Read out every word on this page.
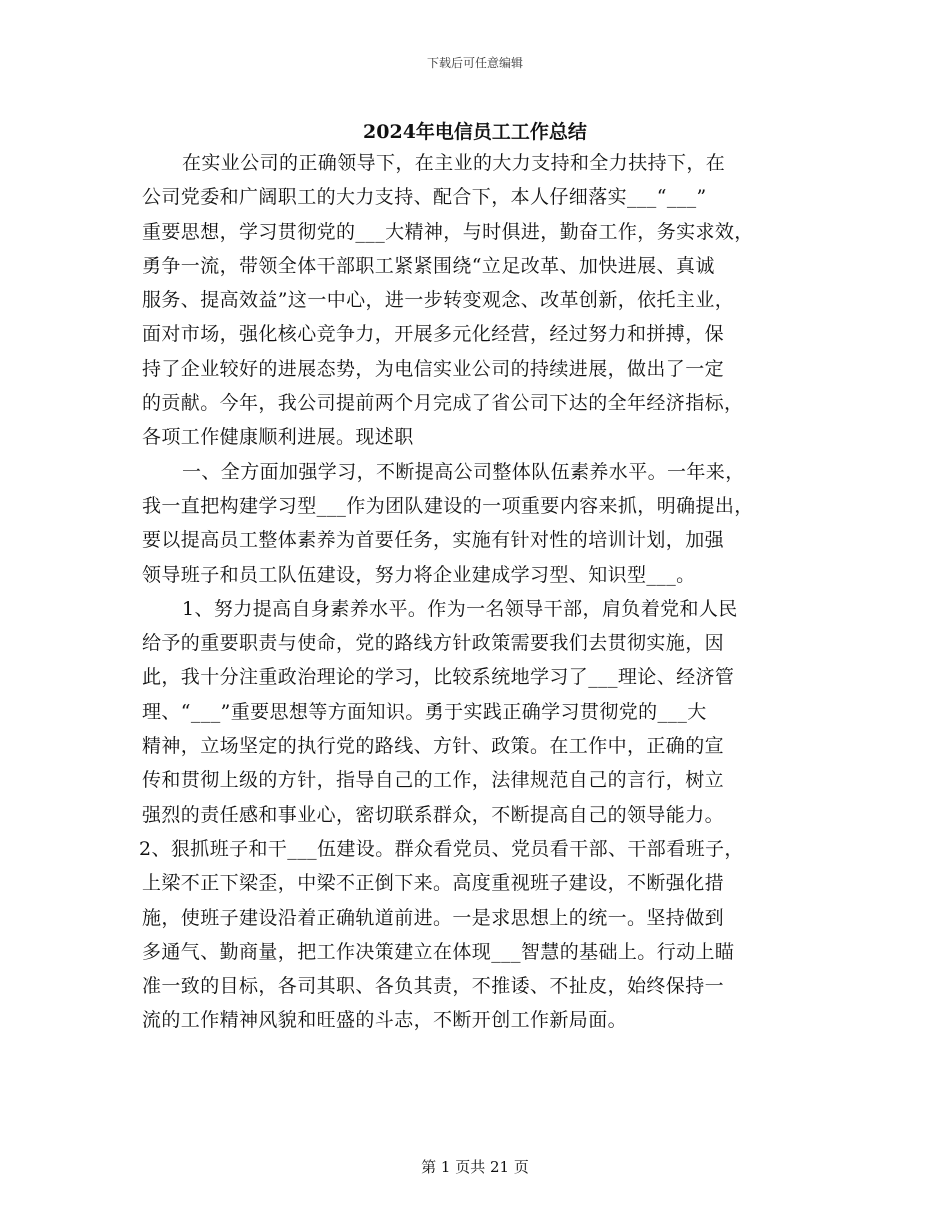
下载后可任意编辑
2024年电信员工工作总结
在实业公司的正确领导下，在主业的大力支持和全力扶持下，在
公司党委和广阔职工的大力支持、配合下，本人仔细落实___“___”
重要思想，学习贯彻党的___大精神，与时俱进，勤奋工作，务实求效，
勇争一流，带领全体干部职工紧紧围绕“立足改革、加快进展、真诚
服务、提高效益”这一中心，进一步转变观念、改革创新，依托主业，
面对市场，强化核心竞争力，开展多元化经营，经过努力和拼搏，保
持了企业较好的进展态势，为电信实业公司的持续进展，做出了一定
的贡献。今年，我公司提前两个月完成了省公司下达的全年经济指标，
各项工作健康顺利进展。现述职
一、全方面加强学习，不断提高公司整体队伍素养水平。一年来，
我一直把构建学习型___作为团队建设的一项重要内容来抓，明确提出，
要以提高员工整体素养为首要任务，实施有针对性的培训计划，加强
领导班子和员工队伍建设，努力将企业建成学习型、知识型___。
1、努力提高自身素养水平。作为一名领导干部，肩负着党和人民
给予的重要职责与使命，党的路线方针政策需要我们去贯彻实施，因
此，我十分注重政治理论的学习，比较系统地学习了___理论、经济管
理、“___”重要思想等方面知识。勇于实践正确学习贯彻党的___大
精神，立场坚定的执行党的路线、方针、政策。在工作中，正确的宣
传和贯彻上级的方针，指导自己的工作，法律规范自己的言行，树立
强烈的责任感和事业心，密切联系群众，不断提高自己的领导能力。
2、狠抓班子和干___伍建设。群众看党员、党员看干部、干部看班子，
上梁不正下梁歪，中梁不正倒下来。高度重视班子建设，不断强化措
施，使班子建设沿着正确轨道前进。一是求思想上的统一。坚持做到
多通气、勤商量，把工作决策建立在体现___智慧的基础上。行动上瞄
准一致的目标，各司其职、各负其责，不推诿、不扯皮，始终保持一
流的工作精神风貌和旺盛的斗志，不断开创工作新局面。
第 1 页共 21 页
